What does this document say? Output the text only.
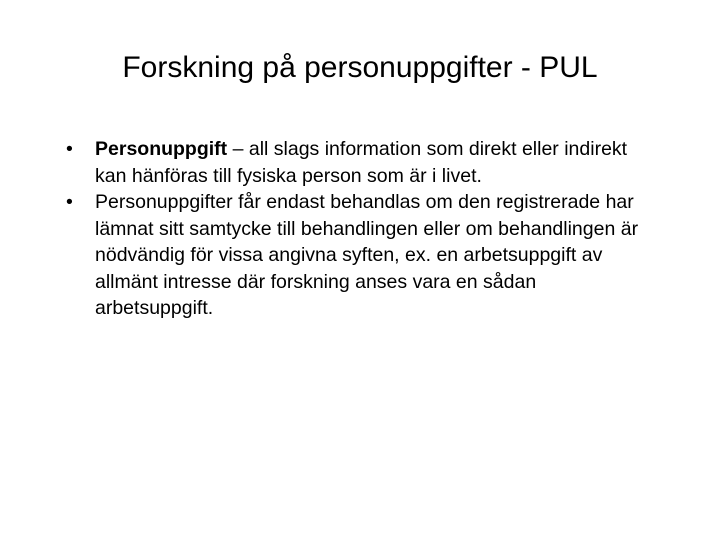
Forskning på personuppgifter - PUL
•	Personuppgift – all slags information som direkt eller indirekt kan hänföras till fysiska person som är i livet.
•	Personuppgifter får endast behandlas om den registrerade har lämnat sitt samtycke till behandlingen eller om behandlingen är nödvändig för vissa angivna syften, ex. en arbetsuppgift av allmänt intresse där forskning anses vara en sådan arbetsuppgift.
